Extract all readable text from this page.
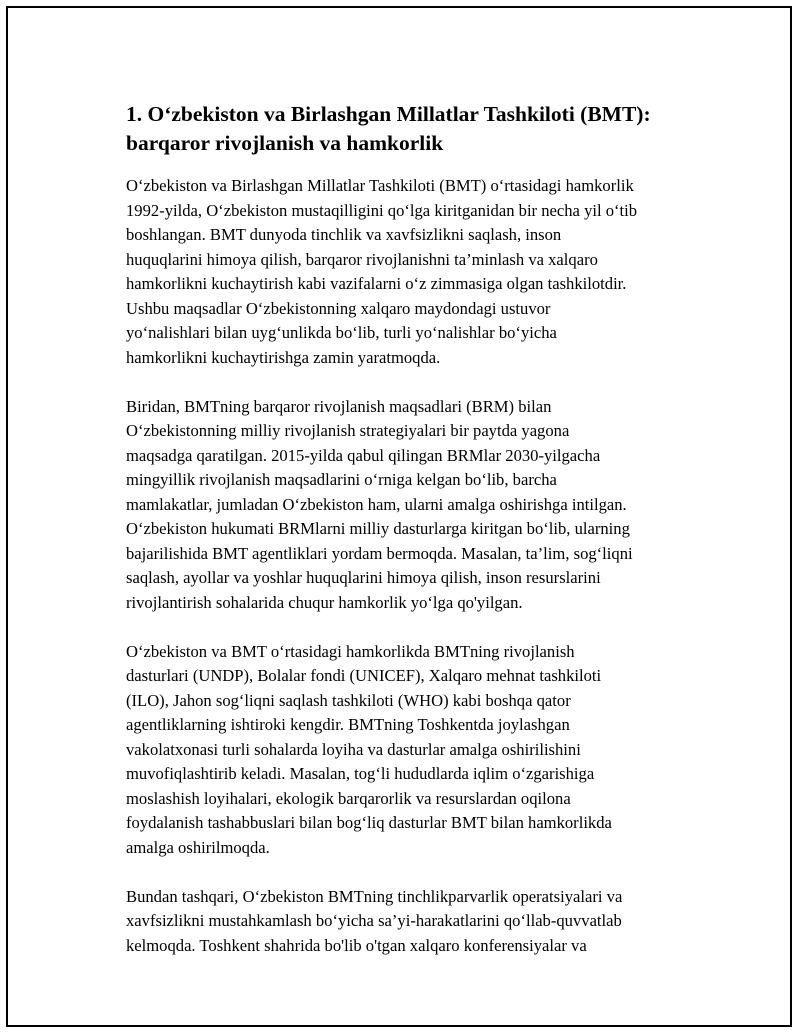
1. O‘zbekiston va Birlashgan Millatlar Tashkiloti (BMT): barqaror rivojlanish va hamkorlik

O‘zbekiston va Birlashgan Millatlar Tashkiloti (BMT) o‘rtasidagi hamkorlik
1992-yilda, O‘zbekiston mustaqilligini qo‘lga kiritganidan bir necha yil o‘tib
boshlangan. BMT dunyoda tinchlik va xavfsizlikni saqlash, inson
huquqlarini himoya qilish, barqaror rivojlanishni ta’minlash va xalqaro
hamkorlikni kuchaytirish kabi vazifalarni o‘z zimmasiga olgan tashkilotdir.
Ushbu maqsadlar O‘zbekistonning xalqaro maydondagi ustuvor
yo‘nalishlari bilan uyg‘unlikda bo‘lib, turli yo‘nalishlar bo‘yicha
hamkorlikni kuchaytirishga zamin yaratmoqda.

Biridan, BMTning barqaror rivojlanish maqsadlari (BRM) bilan
O‘zbekistonning milliy rivojlanish strategiyalari bir paytda yagona
maqsadga qaratilgan. 2015-yilda qabul qilingan BRMlar 2030-yilgacha
mingyillik rivojlanish maqsadlarini o‘rniga kelgan bo‘lib, barcha
mamlakatlar, jumladan O‘zbekiston ham, ularni amalga oshirishga intilgan.
O‘zbekiston hukumati BRMlarni milliy dasturlarga kiritgan bo‘lib, ularning
bajarilishida BMT agentliklari yordam bermoqda. Masalan, ta’lim, sog‘liqni
saqlash, ayollar va yoshlar huquqlarini himoya qilish, inson resurslarini
rivojlantirish sohalarida chuqur hamkorlik yo‘lga qo'yilgan.

O‘zbekiston va BMT o‘rtasidagi hamkorlikda BMTning rivojlanish
dasturlari (UNDP), Bolalar fondi (UNICEF), Xalqaro mehnat tashkiloti
(ILO), Jahon sog‘liqni saqlash tashkiloti (WHO) kabi boshqa qator
agentliklarning ishtiroki kengdir. BMTning Toshkentda joylashgan
vakolatxonasi turli sohalarda loyiha va dasturlar amalga oshirilishini
muvofiqlashtirib keladi. Masalan, tog‘li hududlarda iqlim o‘zgarishiga
moslashish loyihalari, ekologik barqarorlik va resurslardan oqilona
foydalanish tashabbuslari bilan bog‘liq dasturlar BMT bilan hamkorlikda
amalga oshirilmoqda.

Bundan tashqari, O‘zbekiston BMTning tinchlikparvarlik operatsiyalari va
xavfsizlikni mustahkamlash bo‘yicha sa’yi-harakatlarini qo‘llab-quvvatlab
kelmoqda. Toshkent shahrida bo'lib o'tgan xalqaro konferensiyalar va
